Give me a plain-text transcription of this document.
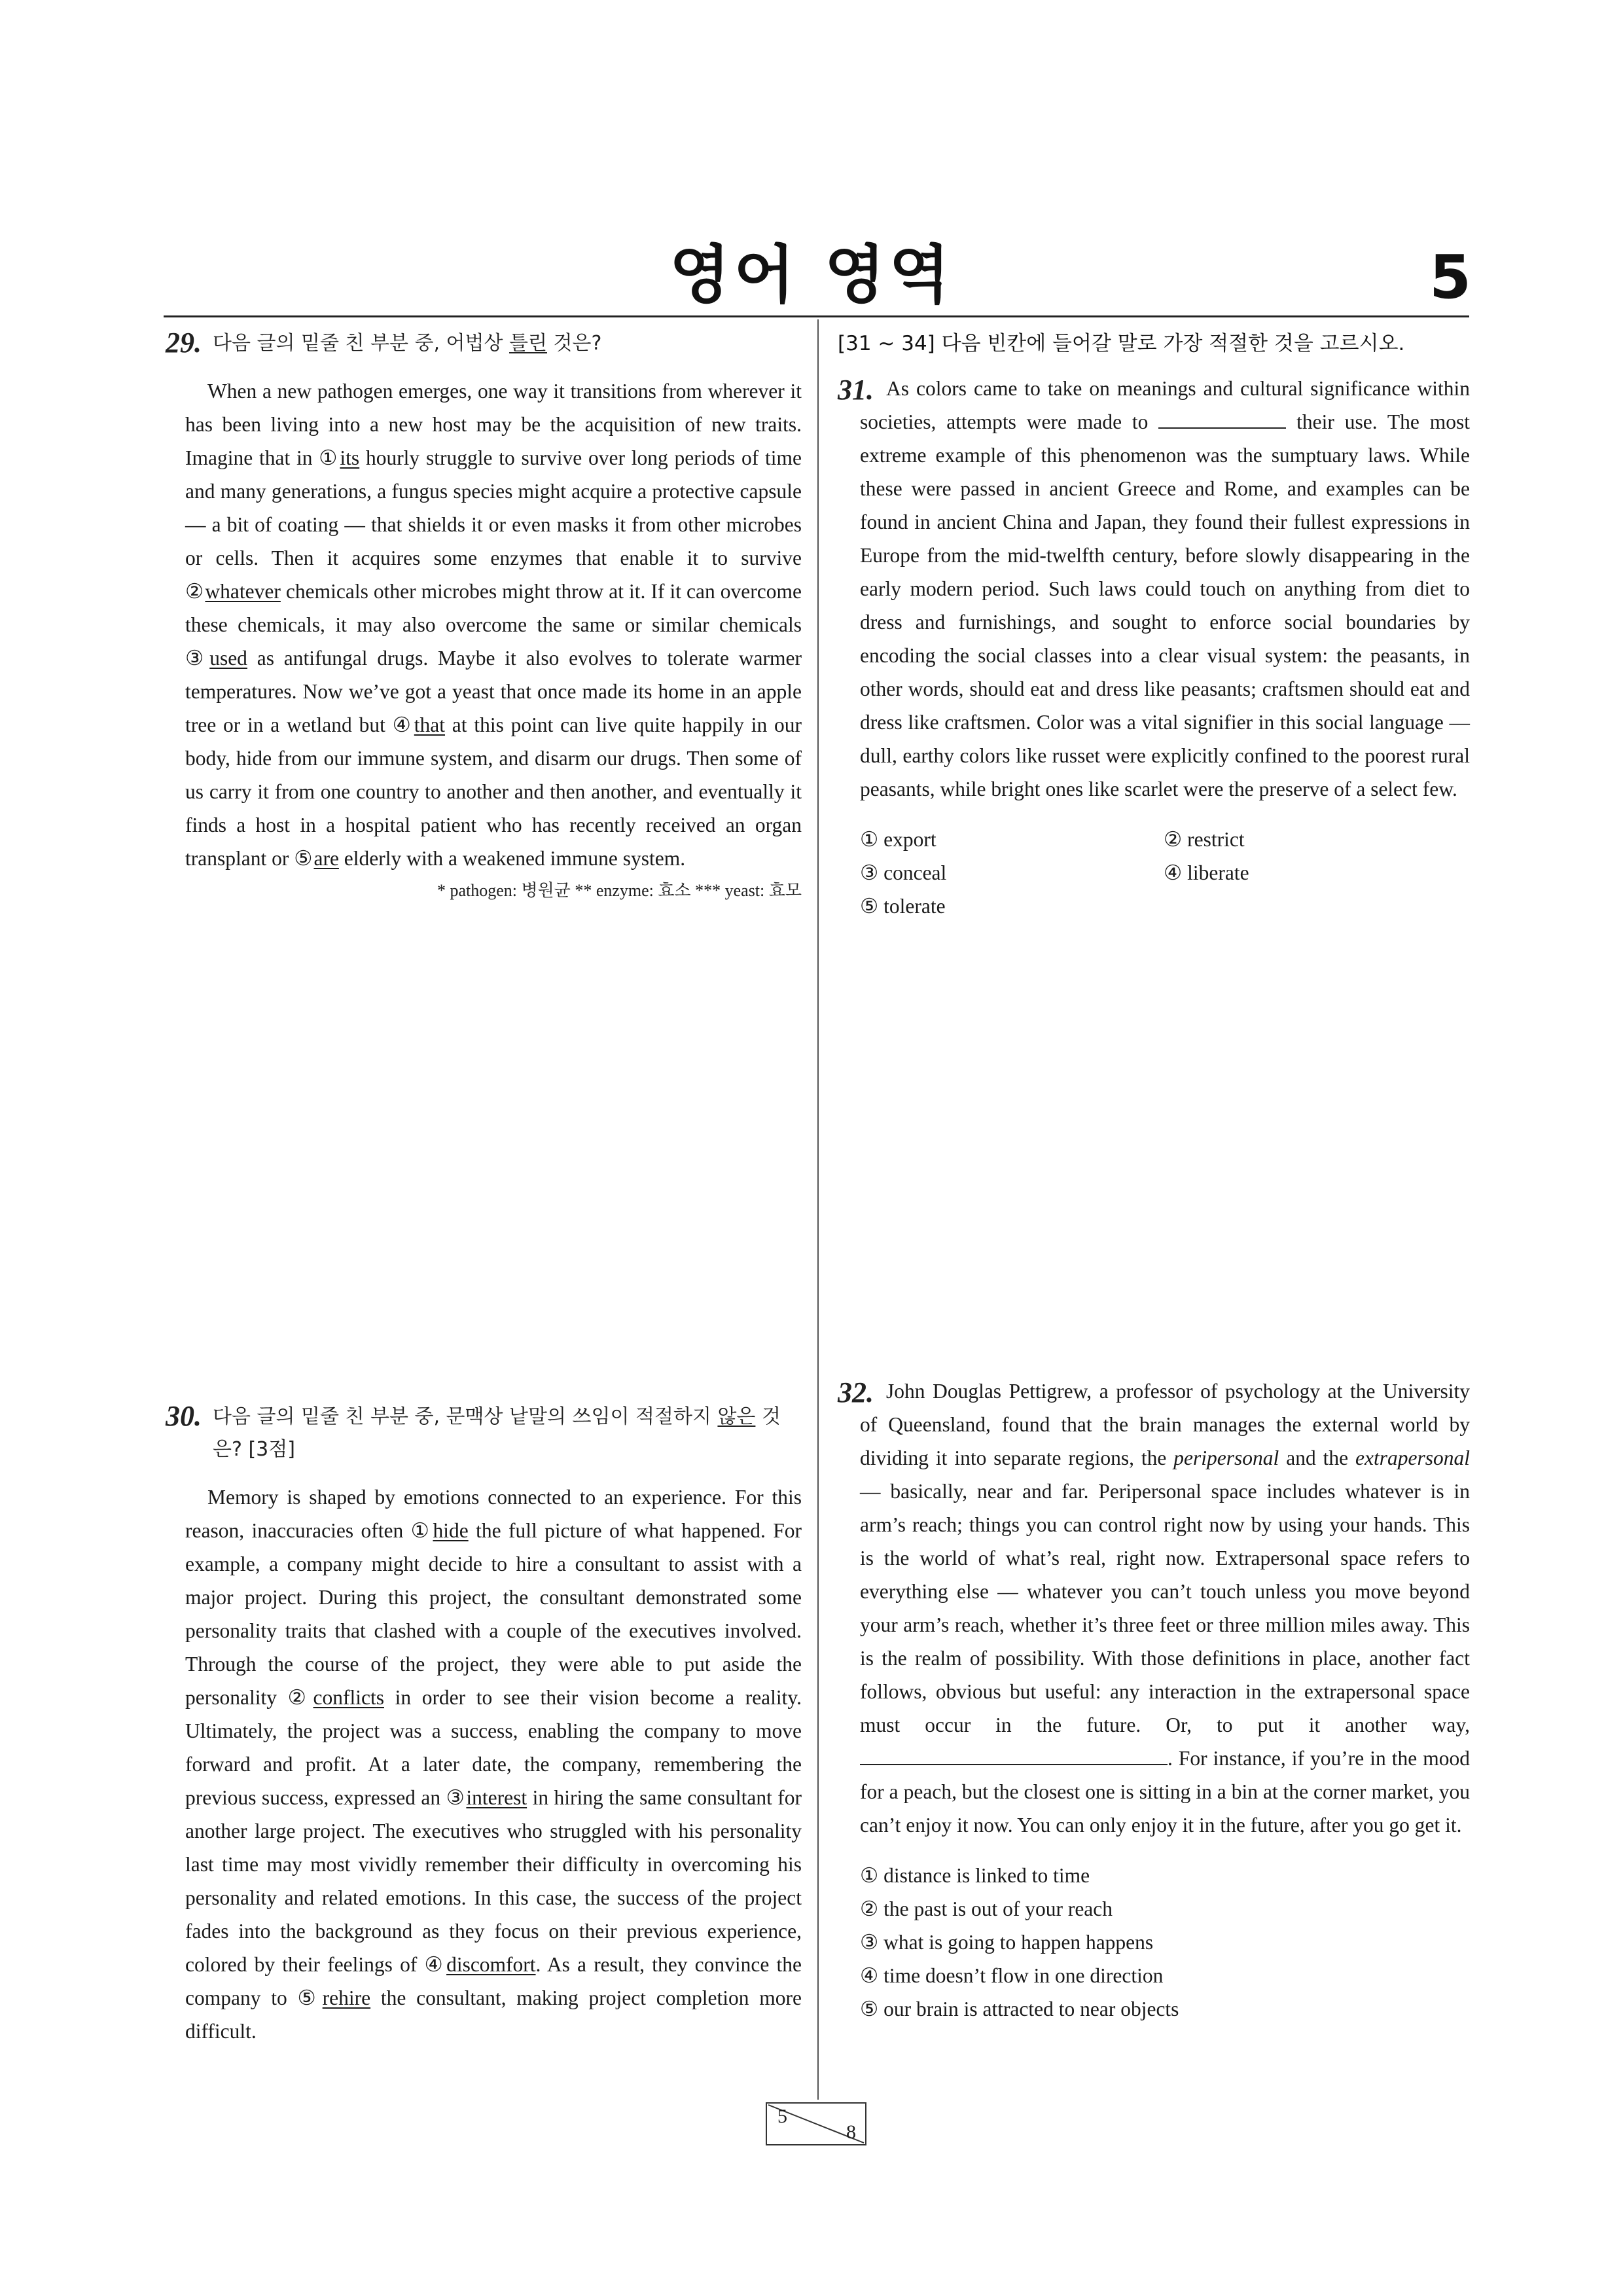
영어 영역	5
29. 다음 글의 밑줄 친 부분 중, 어법상 틀린 것은?
When a new pathogen emerges, one way it transitions from wherever it has been living into a new host may be the acquisition of new traits. Imagine that in ①its hourly struggle to survive over long periods of time and many generations, a fungus species might acquire a protective capsule — a bit of coating — that shields it or even masks it from other microbes or cells. Then it acquires some enzymes that enable it to survive ②whatever chemicals other microbes might throw at it. If it can overcome these chemicals, it may also overcome the same or similar chemicals ③used as antifungal drugs. Maybe it also evolves to tolerate warmer temperatures. Now we’ve got a yeast that once made its home in an apple tree or in a wetland but ④that at this point can live quite happily in our body, hide from our immune system, and disarm our drugs. Then some of us carry it from one country to another and then another, and eventually it finds a host in a hospital patient who has recently received an organ transplant or ⑤are elderly with a weakened immune system.
* pathogen: 병원균 ** enzyme: 효소 *** yeast: 효모
30. 다음 글의 밑줄 친 부분 중, 문맥상 낱말의 쓰임이 적절하지 않은 것은? [3점]
Memory is shaped by emotions connected to an experience. For this reason, inaccuracies often ①hide the full picture of what happened. For example, a company might decide to hire a consultant to assist with a major project. During this project, the consultant demonstrated some personality traits that clashed with a couple of the executives involved. Through the course of the project, they were able to put aside the personality ②conflicts in order to see their vision become a reality. Ultimately, the project was a success, enabling the company to move forward and profit. At a later date, the company, remembering the previous success, expressed an ③interest in hiring the same consultant for another large project. The executives who struggled with his personality last time may most vividly remember their difficulty in overcoming his personality and related emotions. In this case, the success of the project fades into the background as they focus on their previous experience, colored by their feelings of ④discomfort. As a result, they convince the company to ⑤rehire the consultant, making project completion more difficult.
[31 ~ 34] 다음 빈칸에 들어갈 말로 가장 적절한 것을 고르시오.
31. As colors came to take on meanings and cultural significance within societies, attempts were made to	their use. The most extreme example of this phenomenon was the sumptuary laws. While these were passed in ancient Greece and Rome, and examples can be found in ancient China and Japan, they found their fullest expressions in Europe from the mid-twelfth century, before slowly disappearing in the early modern period. Such laws could touch on anything from diet to dress and furnishings, and sought to enforce social boundaries by encoding the social classes into a clear visual system: the peasants, in other words, should eat and dress like peasants; craftsmen should eat and dress like craftsmen. Color was a vital signifier in this social language — dull, earthy colors like russet were explicitly confined to the poorest rural peasants, while bright ones like scarlet were the preserve of a select few.
① export	② restrict
③ conceal	④ liberate
⑤ tolerate
32. John Douglas Pettigrew, a professor of psychology at the University of Queensland, found that the brain manages the external world by dividing it into separate regions, the peripersonal and the extrapersonal — basically, near and far. Peripersonal space includes whatever is in arm’s reach; things you can control right now by using your hands. This is the world of what’s real, right now. Extrapersonal space refers to everything else — whatever you can’t touch unless you move beyond your arm’s reach, whether it’s three feet or three million miles away. This is the realm of possibility. With those definitions in place, another fact follows, obvious but useful: any interaction in the extrapersonal space must occur in the future. Or, to put it another way, . For instance, if you’re in the mood for a peach, but the closest one is sitting in a bin at the corner market, you can’t enjoy it now. You can only enjoy it in the future, after you go get it.
① distance is linked to time
② the past is out of your reach
③ what is going to happen happens
④ time doesn’t flow in one direction
⑤ our brain is attracted to near objects
5
8
